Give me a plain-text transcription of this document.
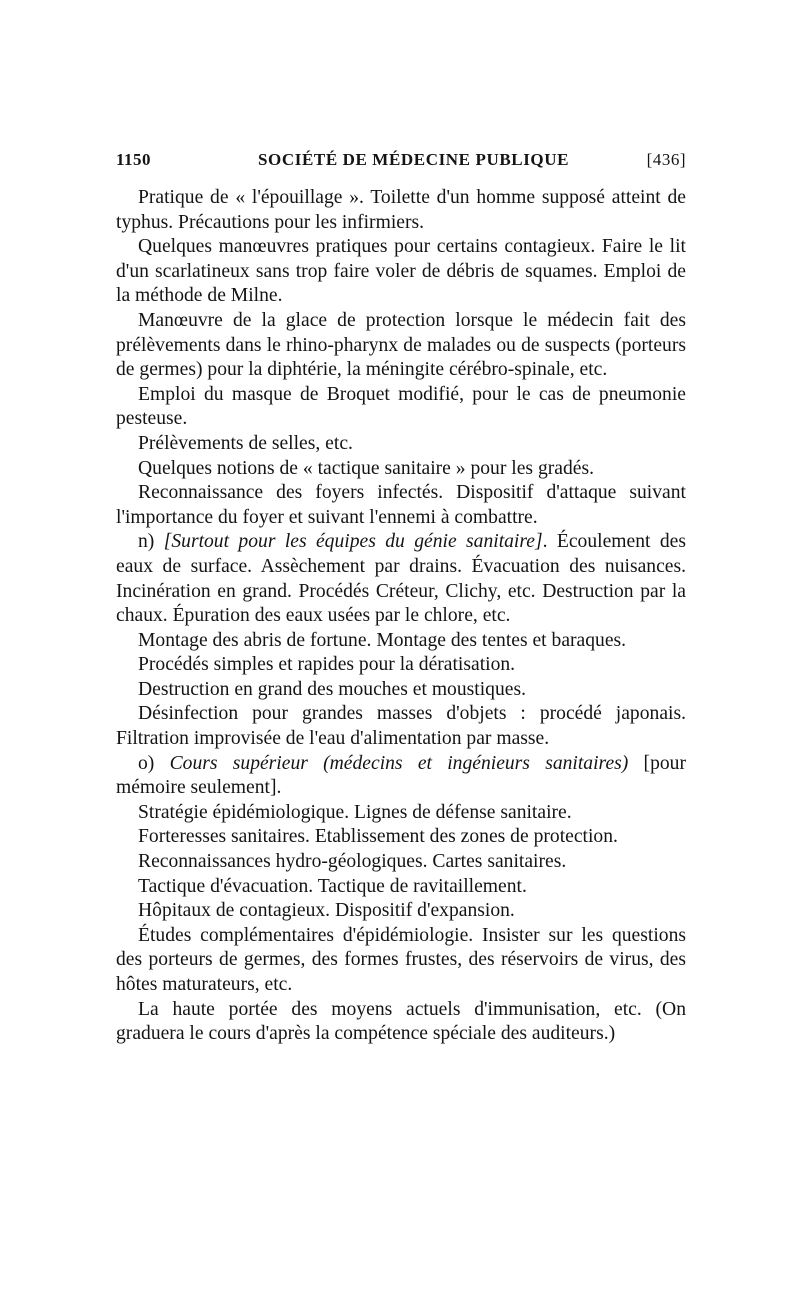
1150	SOCIÉTÉ DE MÉDECINE PUBLIQUE	[436]

Pratique de « l'épouillage ». Toilette d'un homme supposé atteint de typhus. Précautions pour les infirmiers.

Quelques manœuvres pratiques pour certains contagieux. Faire le lit d'un scarlatineux sans trop faire voler de débris de squames. Emploi de la méthode de Milne.

Manœuvre de la glace de protection lorsque le médecin fait des prélèvements dans le rhino-pharynx de malades ou de suspects (porteurs de germes) pour la diphtérie, la méningite cérébro-spinale, etc.

Emploi du masque de Broquet modifié, pour le cas de pneumonie pesteuse.

Prélèvements de selles, etc.

Quelques notions de « tactique sanitaire » pour les gradés.

Reconnaissance des foyers infectés. Dispositif d'attaque suivant l'importance du foyer et suivant l'ennemi à combattre.

n) [Surtout pour les équipes du génie sanitaire]. Écoulement des eaux de surface. Assèchement par drains. Évacuation des nuisances. Incinération en grand. Procédés Créteur, Clichy, etc. Destruction par la chaux. Épuration des eaux usées par le chlore, etc.

Montage des abris de fortune. Montage des tentes et baraques.

Procédés simples et rapides pour la dératisation.

Destruction en grand des mouches et moustiques.

Désinfection pour grandes masses d'objets : procédé japonais. Filtration improvisée de l'eau d'alimentation par masse.

o) Cours supérieur (médecins et ingénieurs sanitaires) [pour mémoire seulement].

Stratégie épidémiologique. Lignes de défense sanitaire.

Forteresses sanitaires. Etablissement des zones de protection.

Reconnaissances hydro-géologiques. Cartes sanitaires.

Tactique d'évacuation. Tactique de ravitaillement.

Hôpitaux de contagieux. Dispositif d'expansion.

Études complémentaires d'épidémiologie. Insister sur les questions des porteurs de germes, des formes frustes, des réservoirs de virus, des hôtes maturateurs, etc.

La haute portée des moyens actuels d'immunisation, etc. (On graduera le cours d'après la compétence spéciale des auditeurs.)
